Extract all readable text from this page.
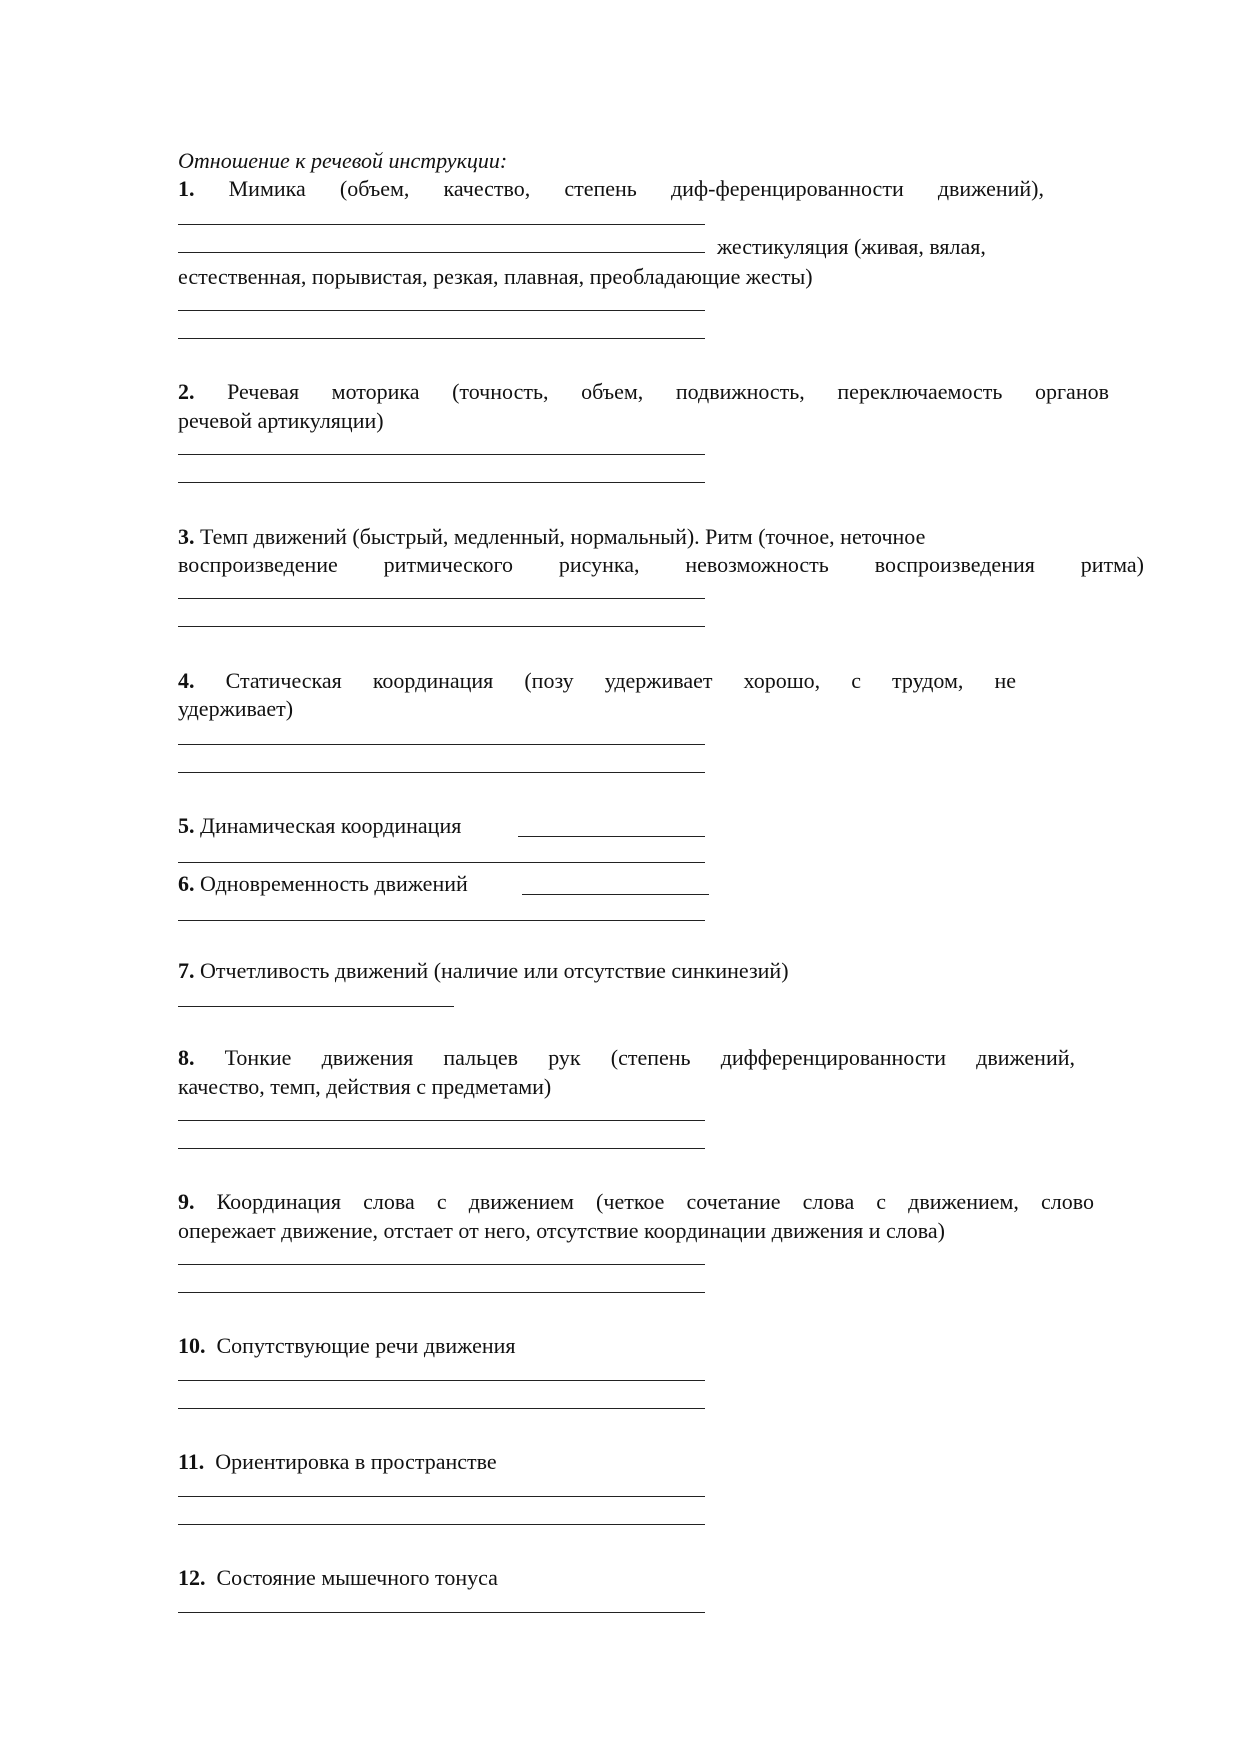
Отношение к речевой инструкции:
1. Мимика (объем, качество, степень диф-ференцированности движений),
жестикуляция (живая, вялая,
естественная, порывистая, резкая, плавная, преобладающие жесты)
2. Речевая моторика (точность, объем, подвижность, переключаемость органов
речевой артикуляции)
3. Темп движений (быстрый, медленный, нормальный). Ритм (точное, неточное
воспроизведение ритмического рисунка, невозможность воспроизведения ритма)
4. Статическая координация (позу удерживает хорошо, с трудом, не
удерживает)
5. Динамическая координация
6. Одновременность движений
7. Отчетливость движений (наличие или отсутствие синкинезий)
8. Тонкие движения пальцев рук (степень дифференцированности движений,
качество, темп, действия с предметами)
9. Координация слова с движением (четкое сочетание слова с движением, слово
опережает движение, отстает от него, отсутствие координации движения и слова)
10. Сопутствующие речи движения
11. Ориентировка в пространстве
12. Состояние мышечного тонуса
